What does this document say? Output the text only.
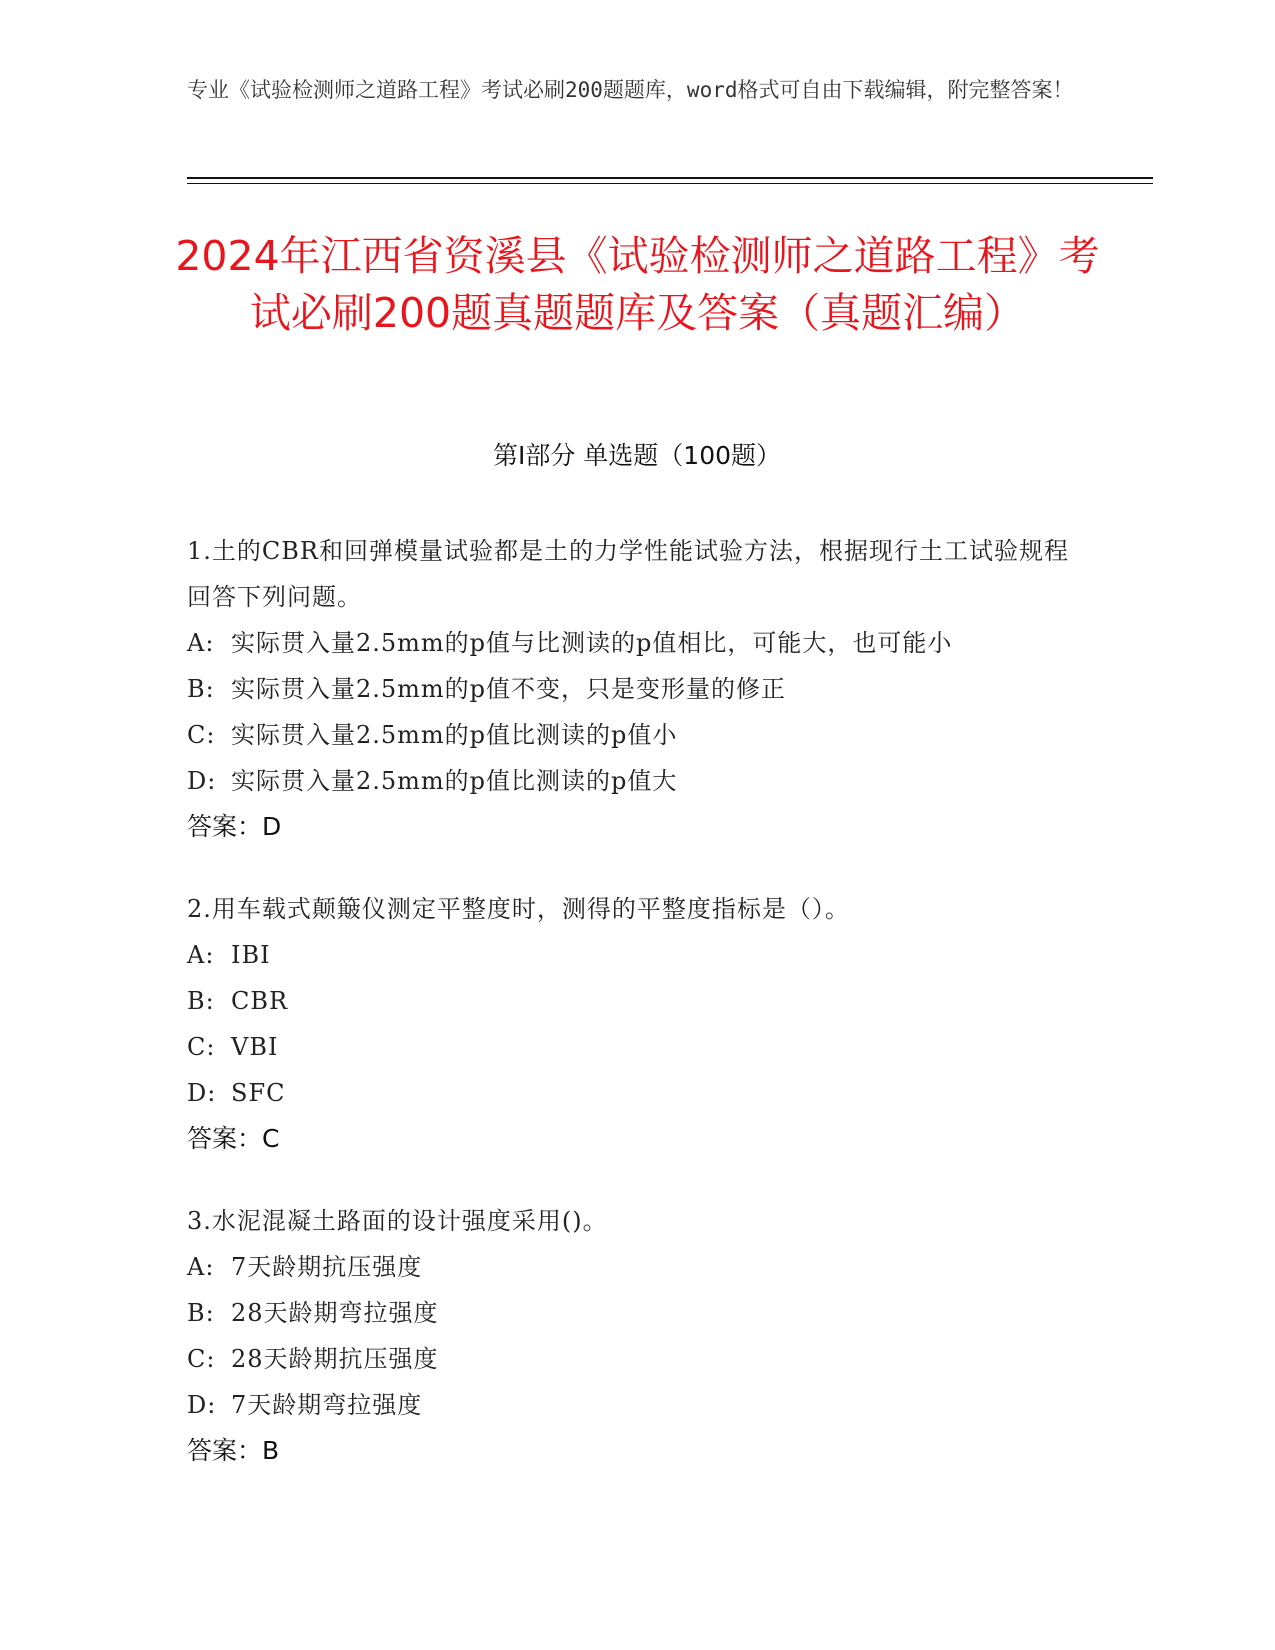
专业《试验检测师之道路工程》考试必刷200题题库，word格式可自由下载编辑，附完整答案！
2024年江西省资溪县《试验检测师之道路工程》考试必刷200题真题题库及答案（真题汇编）
第I部分 单选题（100题）
1.土的CBR和回弹模量试验都是土的力学性能试验方法，根据现行土工试验规程回答下列问题。
A: 实际贯入量2.5mm的p值与比测读的p值相比，可能大，也可能小
B: 实际贯入量2.5mm的p值不变，只是变形量的修正
C: 实际贯入量2.5mm的p值比测读的p值小
D: 实际贯入量2.5mm的p值比测读的p值大
答案：D
2.用车载式颠簸仪测定平整度时，测得的平整度指标是（）。
A: IBI
B: CBR
C: VBI
D: SFC
答案：C
3.水泥混凝土路面的设计强度采用()。
A: 7天龄期抗压强度
B: 28天龄期弯拉强度
C: 28天龄期抗压强度
D: 7天龄期弯拉强度
答案：B
